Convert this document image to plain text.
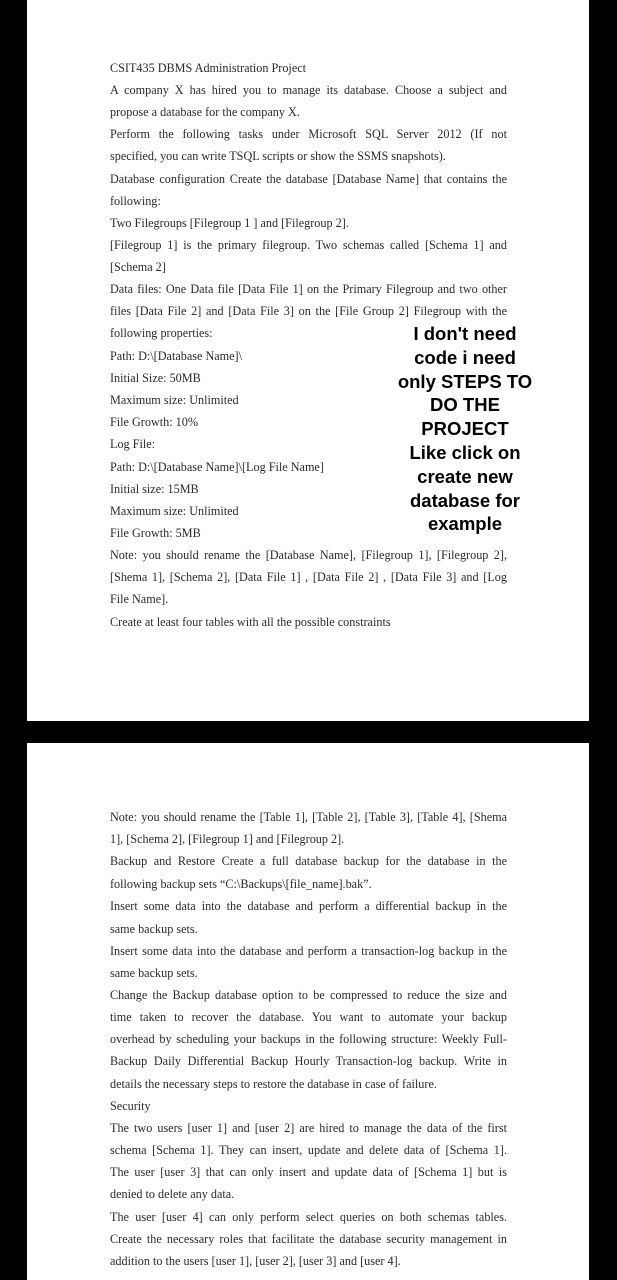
CSIT435 DBMS Administration Project

A company X has hired you to manage its database. Choose a subject and

propose a database for the company X.

Perform the following tasks under Microsoft SQL Server 2012 (If not

specified, you can write TSQL scripts or show the SSMS snapshots).

Database configuration Create the database [Database Name] that contains the

following:

Two Filegroups [Filegroup 1 ] and [Filegroup 2].

[Filegroup 1] is the primary filegroup. Two schemas called [Schema 1] and

[Schema 2]

Data files: One Data file [Data File 1] on the Primary Filegroup and two other

files [Data File 2] and [Data File 3] on the [File Group 2] Filegroup with the

following properties:

Path: D:\[Database Name]\

Initial Size: 50MB

Maximum size: Unlimited

File Growth: 10%

Log File:

Path: D:\[Database Name]\[Log File Name]

Initial size: 15MB

Maximum size: Unlimited

File Growth: 5MB

Note: you should rename the [Database Name], [Filegroup 1], [Filegroup 2],

[Shema 1], [Schema 2], [Data File 1] , [Data File 2] , [Data File 3] and [Log

File Name].

Create at least four tables with all the possible constraints

I don't need
code i need
only STEPS TO
DO THE
PROJECT
Like click on
create new
database for
example

Note: you should rename the [Table 1], [Table 2], [Table 3], [Table 4], [Shema

1], [Schema 2], [Filegroup 1] and [Filegroup 2].

Backup and Restore Create a full database backup for the database in the

following backup sets “C:\Backups\[file_name].bak”.

Insert some data into the database and perform a differential backup in the

same backup sets.

Insert some data into the database and perform a transaction-log backup in the

same backup sets.

Change the Backup database option to be compressed to reduce the size and

time taken to recover the database. You want to automate your backup

overhead by scheduling your backups in the following structure: Weekly Full-

Backup Daily Differential Backup Hourly Transaction-log backup. Write in

details the necessary steps to restore the database in case of failure.

Security

The two users [user 1] and [user 2] are hired to manage the data of the first

schema [Schema 1]. They can insert, update and delete data of [Schema 1].

The user [user 3] that can only insert and update data of [Schema 1] but is

denied to delete any data.

The user [user 4] can only perform select queries on both schemas tables.

Create the necessary roles that facilitate the database security management in

addition to the users [user 1], [user 2], [user 3] and [user 4].
